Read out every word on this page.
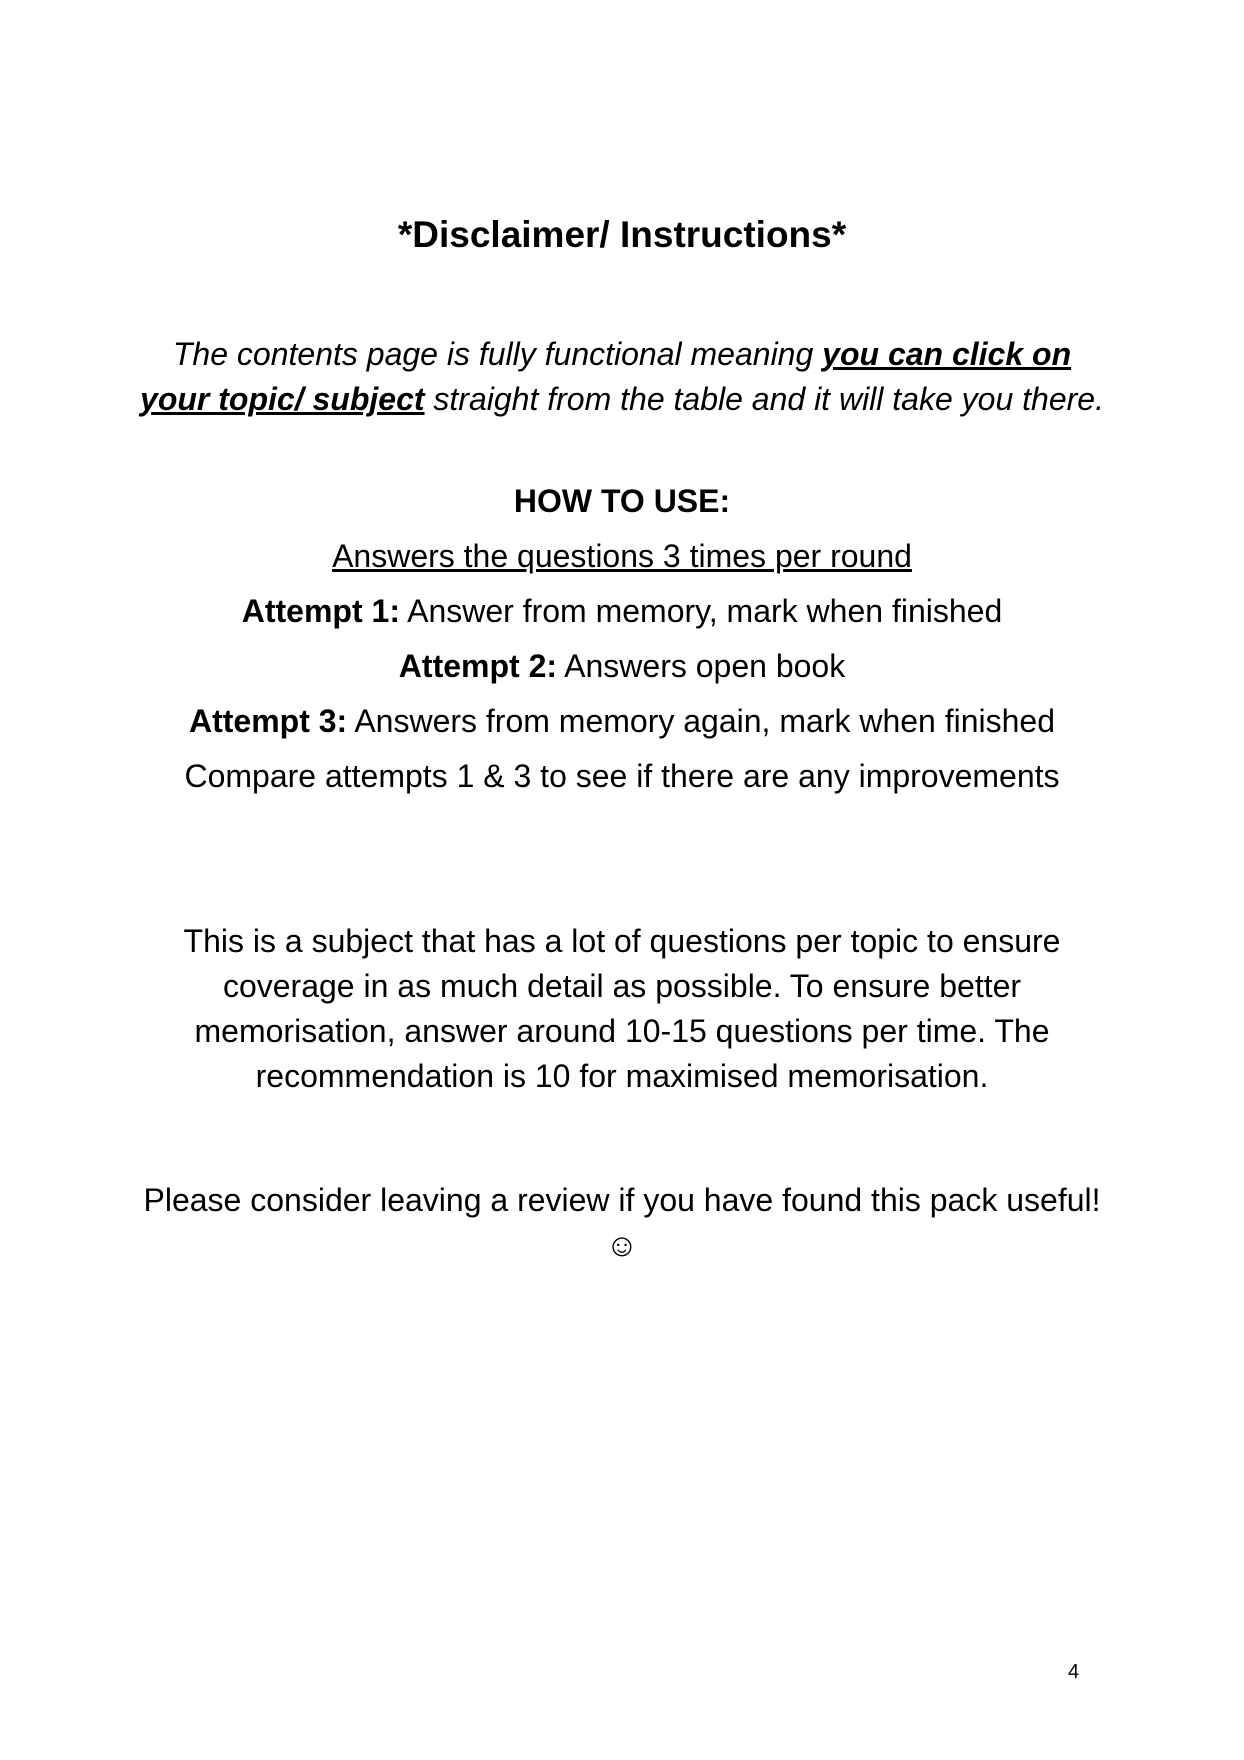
*Disclaimer/ Instructions*
The contents page is fully functional meaning you can click on your topic/ subject straight from the table and it will take you there.
HOW TO USE:
Answers the questions 3 times per round
Attempt 1: Answer from memory, mark when finished
Attempt 2: Answers open book
Attempt 3: Answers from memory again, mark when finished
Compare attempts 1 & 3 to see if there are any improvements
This is a subject that has a lot of questions per topic to ensure coverage in as much detail as possible. To ensure better memorisation, answer around 10-15 questions per time. The recommendation is 10 for maximised memorisation.
Please consider leaving a review if you have found this pack useful! ☺
4
